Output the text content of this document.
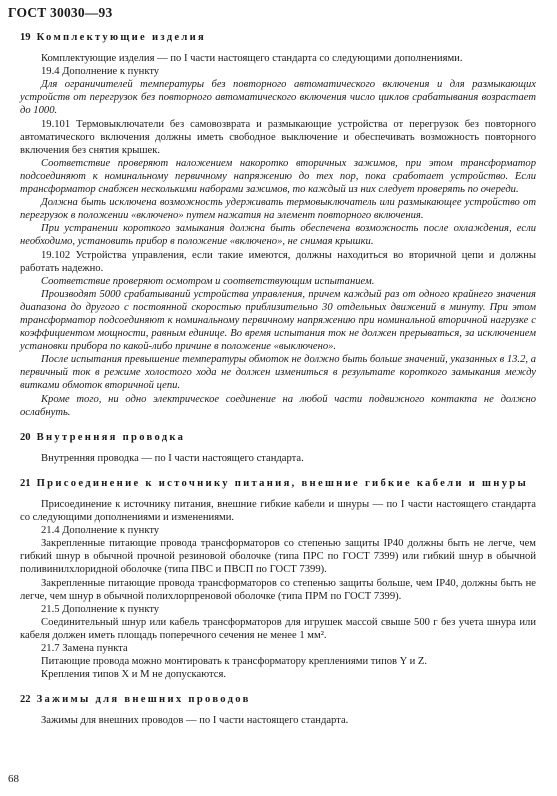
ГОСТ 30030—93
19 Комплектующие изделия

Комплектующие изделия — по I части настоящего стандарта со следующими дополнениями.

19.4 Дополнение к пункту

Для ограничителей температуры без повторного автоматического включения и для размыкающих устройств от перегрузок без повторного автоматического включения число циклов срабатывания возрастает до 1000.

19.101 Термовыключатели без самовозврата и размыкающие устройства от перегрузок без повторного автоматического включения должны иметь свободное выключение и обеспечивать возможность повторного включения без снятия крышек.

Соответствие проверяют наложением накоротко вторичных зажимов, при этом трансформатор подсоединяют к номинальному первичному напряжению до тех пор, пока сработает устройство. Если трансформатор снабжен несколькими наборами зажимов, то каждый из них следует проверять по очереди.

Должна быть исключена возможность удерживать термовыключатель или размыкающее устройство от перегрузок в положении «включено» путем нажатия на элемент повторного включения.

При устранении короткого замыкания должна быть обеспечена возможность после охлаждения, если необходимо, установить прибор в положение «включено», не снимая крышки.

19.102 Устройства управления, если такие имеются, должны находиться во вторичной цепи и должны работать надежно.

Соответствие проверяют осмотром и соответствующим испытанием.

Производят 5000 срабатываний устройства управления, причем каждый раз от одного крайнего значения диапазона до другого с постоянной скоростью приблизительно 30 отдельных движений в минуту. При этом трансформатор подсоединяют к номинальному первичному напряжению при номинальной вторичной нагрузке с коэффициентом мощности, равным единице. Во время испытания ток не должен прерываться, за исключением установки прибора по какой-либо причине в положение «выключено».

После испытания превышение температуры обмоток не должно быть больше значений, указанных в 13.2, а первичный ток в режиме холостого хода не должен измениться в результате короткого замыкания между витками обмоток вторичной цепи.

Кроме того, ни одно электрическое соединение на любой части подвижного контакта не должно ослабнуть.

20 Внутренняя проводка

Внутренняя проводка — по I части настоящего стандарта.

21 Присоединение к источнику питания, внешние гибкие кабели и шнуры

Присоединение к источнику питания, внешние гибкие кабели и шнуры — по I части настоящего стандарта со следующими дополнениями и изменениями.

21.4 Дополнение к пункту

Закрепленные питающие провода трансформаторов со степенью защиты IP40 должны быть не легче, чем гибкий шнур в обычной прочной резиновой оболочке (типа ПРС по ГОСТ 7399) или гибкий шнур в обычной поливинилхлоридной оболочке (типа ПВС и ПВСП по ГОСТ 7399).

Закрепленные питающие провода трансформаторов со степенью защиты больше, чем IP40, должны быть не легче, чем шнур в обычной полихлорпреновой оболочке (типа ПРМ по ГОСТ 7399).

21.5 Дополнение к пункту

Соединительный шнур или кабель трансформаторов для игрушек массой свыше 500 г без учета шнура или кабеля должен иметь площадь поперечного сечения не менее 1 мм².

21.7 Замена пункта

Питающие провода можно монтировать к трансформатору креплениями типов Y и Z.

Крепления типов X и M не допускаются.

22 Зажимы для внешних проводов

Зажимы для внешних проводов — по I части настоящего стандарта.

68
